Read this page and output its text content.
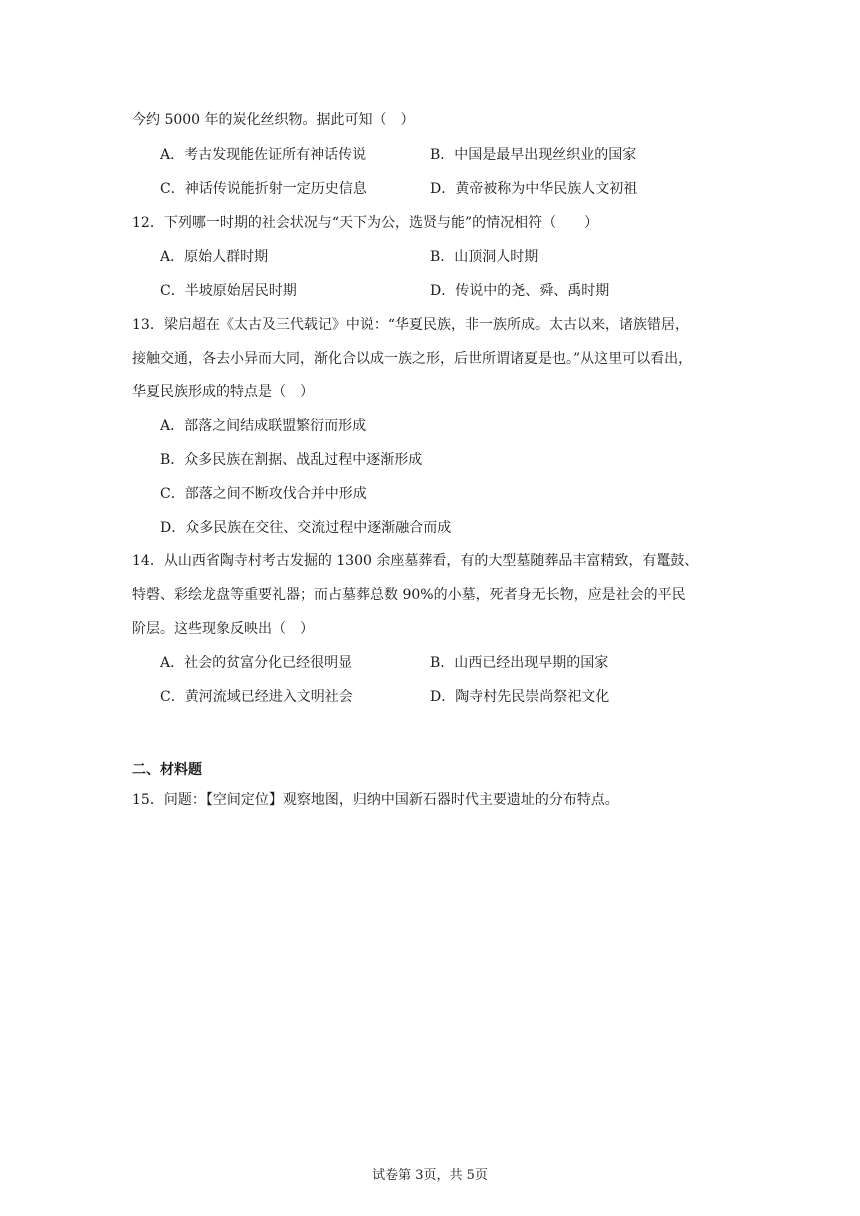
今约 5000 年的炭化丝织物。据此可知（　）
A．考古发现能佐证所有神话传说	B．中国是最早出现丝织业的国家
C．神话传说能折射一定历史信息	D．黄帝被称为中华民族人文初祖
12．下列哪一时期的社会状况与“天下为公，选贤与能”的情况相符（　　）
A．原始人群时期	B．山顶洞人时期
C．半坡原始居民时期	D．传说中的尧、舜、禹时期
13．梁启超在《太古及三代载记》中说：“华夏民族，非一族所成。太古以来，诸族错居，
接触交通，各去小异而大同，渐化合以成一族之形，后世所谓诸夏是也。”从这里可以看出，
华夏民族形成的特点是（　）
A．部落之间结成联盟繁衍而形成
B．众多民族在割据、战乱过程中逐渐形成
C．部落之间不断攻伐合并中形成
D．众多民族在交往、交流过程中逐渐融合而成
14．从山西省陶寺村考古发掘的 1300 余座墓葬看，有的大型墓随葬品丰富精致，有鼍鼓、
特磬、彩绘龙盘等重要礼器；而占墓葬总数 90%的小墓，死者身无长物，应是社会的平民
阶层。这些现象反映出（　）
A．社会的贫富分化已经很明显	B．山西已经出现早期的国家
C．黄河流域已经进入文明社会	D．陶寺村先民崇尚祭祀文化
二、材料题
15．问题：【空间定位】观察地图，归纳中国新石器时代主要遗址的分布特点。
试卷第 3页，共 5页
